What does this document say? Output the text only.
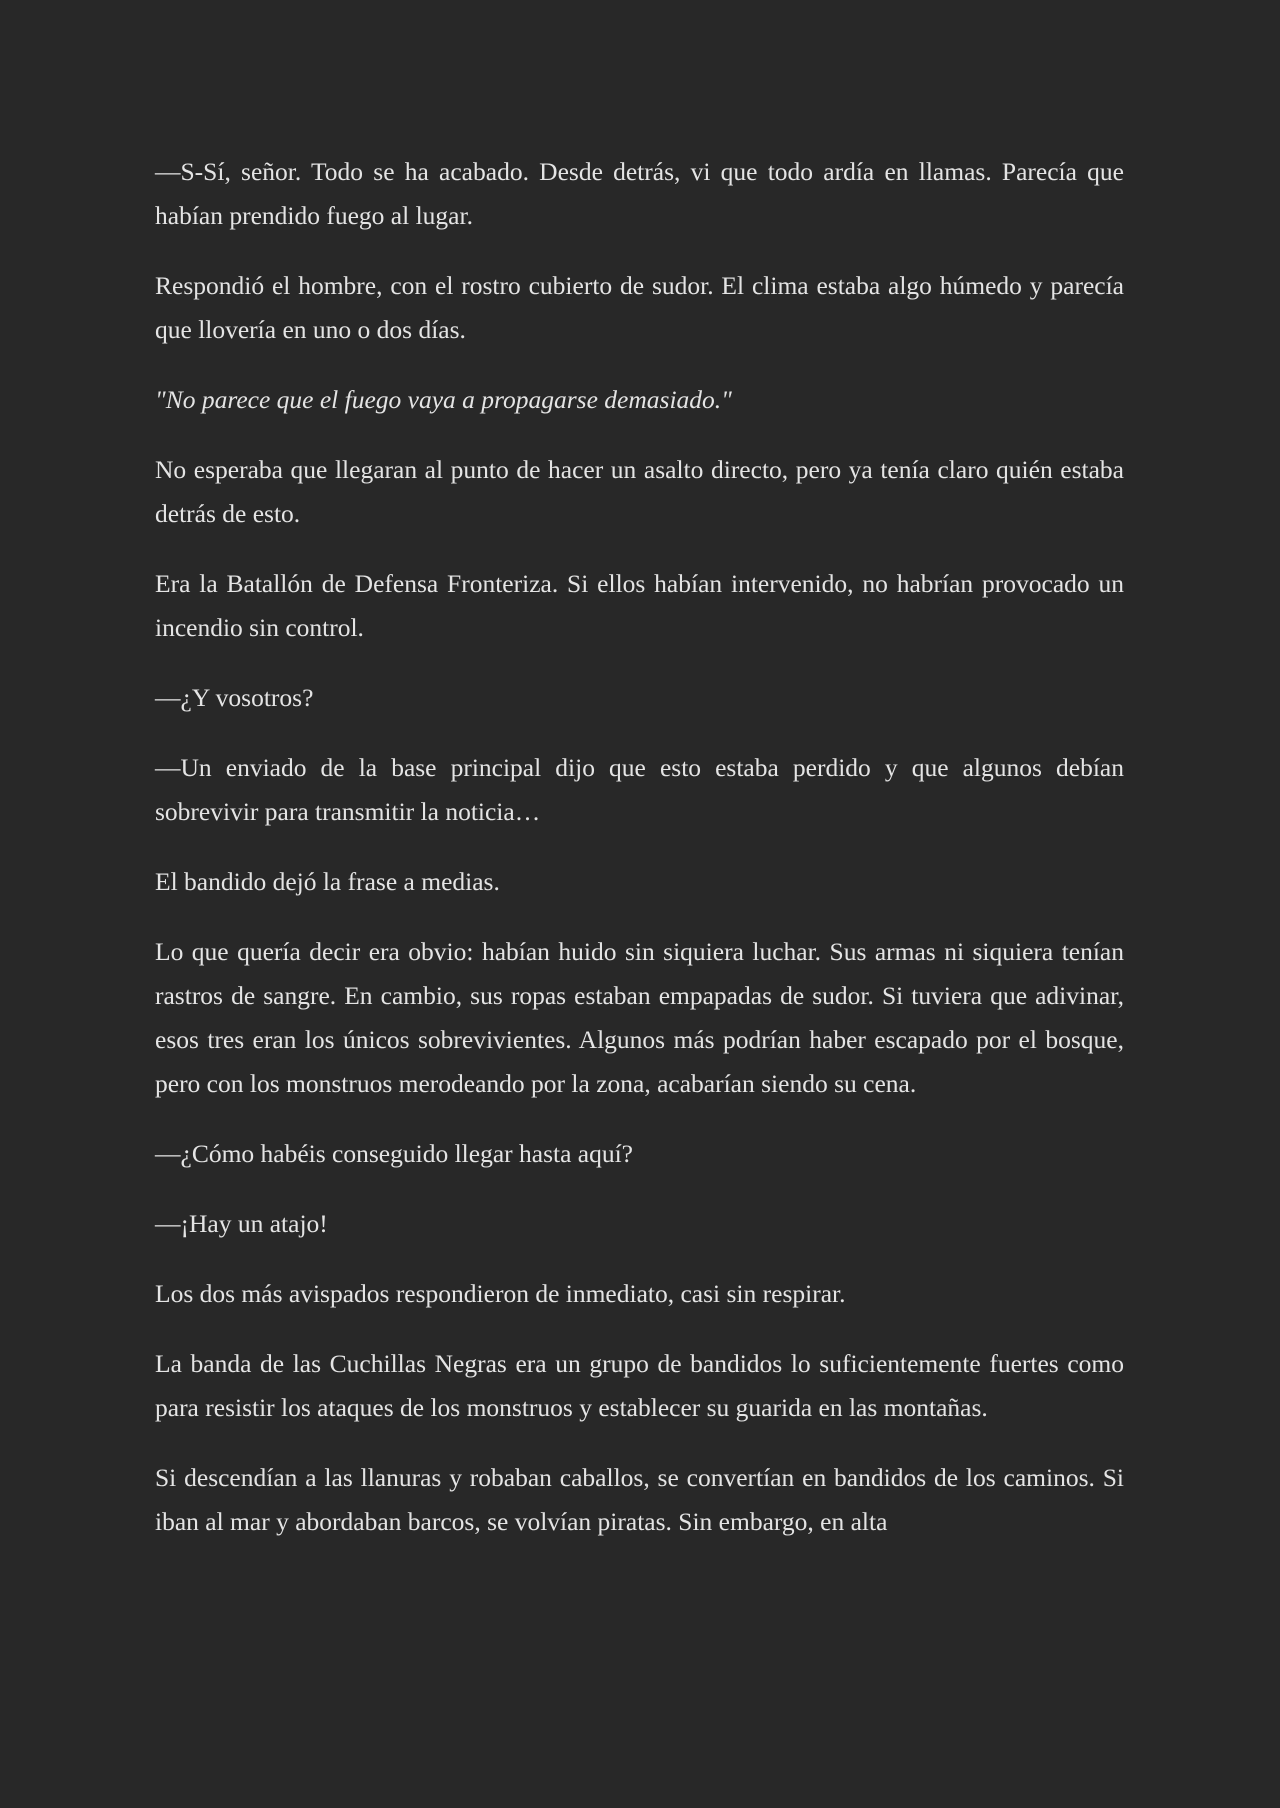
—S-Sí, señor. Todo se ha acabado. Desde detrás, vi que todo ardía en llamas. Parecía que habían prendido fuego al lugar.

Respondió el hombre, con el rostro cubierto de sudor. El clima estaba algo húmedo y parecía que llovería en uno o dos días.

"No parece que el fuego vaya a propagarse demasiado."

No esperaba que llegaran al punto de hacer un asalto directo, pero ya tenía claro quién estaba detrás de esto.

Era la Batallón de Defensa Fronteriza. Si ellos habían intervenido, no habrían provocado un incendio sin control.

—¿Y vosotros?

—Un enviado de la base principal dijo que esto estaba perdido y que algunos debían sobrevivir para transmitir la noticia…

El bandido dejó la frase a medias.

Lo que quería decir era obvio: habían huido sin siquiera luchar. Sus armas ni siquiera tenían rastros de sangre. En cambio, sus ropas estaban empapadas de sudor. Si tuviera que adivinar, esos tres eran los únicos sobrevivientes. Algunos más podrían haber escapado por el bosque, pero con los monstruos merodeando por la zona, acabarían siendo su cena.

—¿Cómo habéis conseguido llegar hasta aquí?

—¡Hay un atajo!

Los dos más avispados respondieron de inmediato, casi sin respirar.

La banda de las Cuchillas Negras era un grupo de bandidos lo suficientemente fuertes como para resistir los ataques de los monstruos y establecer su guarida en las montañas.

Si descendían a las llanuras y robaban caballos, se convertían en bandidos de los caminos. Si iban al mar y abordaban barcos, se volvían piratas. Sin embargo, en alta
